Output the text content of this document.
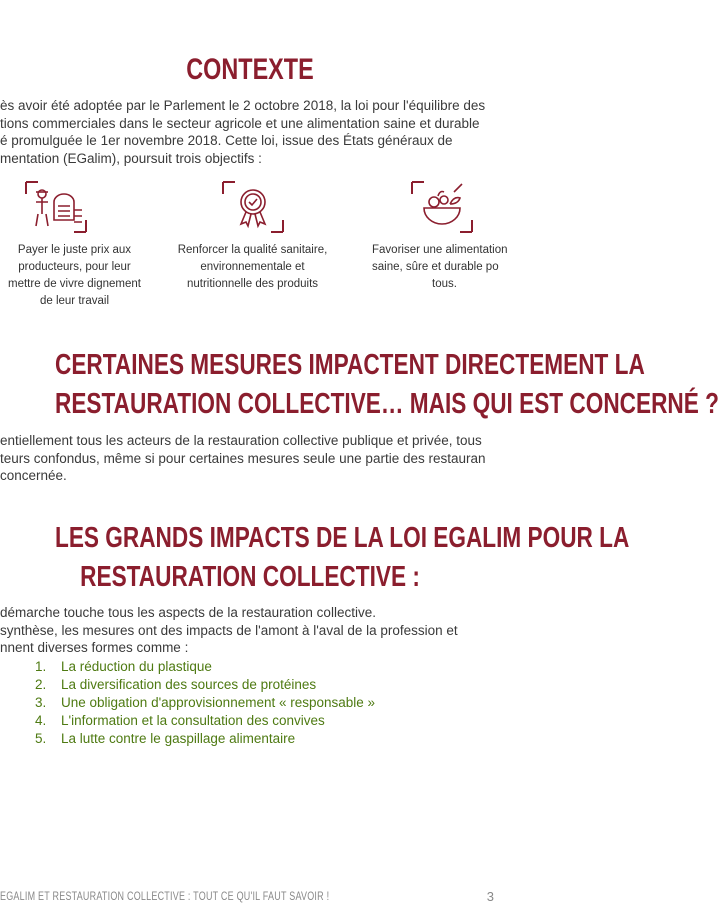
CONTEXTE
ès avoir été adoptée par le Parlement le 2 octobre 2018, la loi pour l'équilibre des
tions commerciales dans le secteur agricole et une alimentation saine et durable
é promulguée le 1er novembre 2018. Cette loi, issue des États généraux de
mentation (EGalim), poursuit trois objectifs :
Payer le juste prix aux
producteurs, pour leur
mettre de vivre dignement
de leur travail
Renforcer la qualité sanitaire,
environnementale et
nutritionnelle des produits
Favoriser une alimentation
saine, sûre et durable po
tous.
CERTAINES MESURES IMPACTENT DIRECTEMENT LA
RESTAURATION COLLECTIVE… MAIS QUI EST CONCERNÉ ?
entiellement tous les acteurs de la restauration collective publique et privée, tous
teurs confondus, même si pour certaines mesures seule une partie des restauran
concernée.
LES GRANDS IMPACTS DE LA LOI EGALIM POUR LA
RESTAURATION COLLECTIVE :
démarche touche tous les aspects de la restauration collective.
synthèse, les mesures ont des impacts de l'amont à l'aval de la profession et
nnent diverses formes comme :
1. La réduction du plastique
2. La diversification des sources de protéines
3. Une obligation d'approvisionnement « responsable »
4. L'information et la consultation des convives
5. La lutte contre le gaspillage alimentaire
EGALIM ET RESTAURATION COLLECTIVE : TOUT CE QU'IL FAUT SAVOIR !	3
